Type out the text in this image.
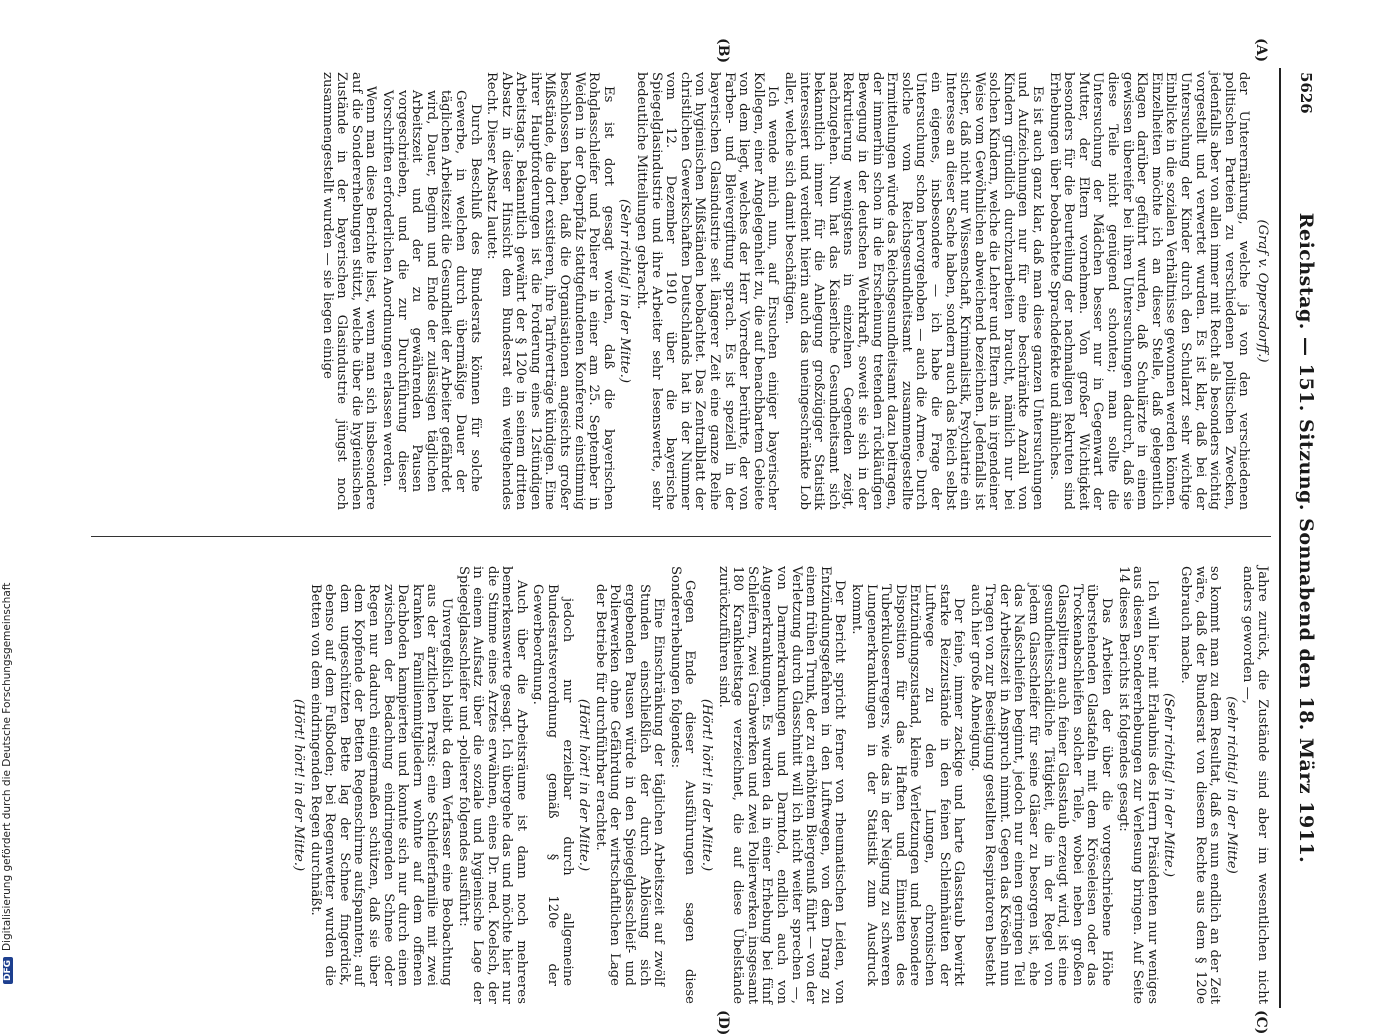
5626
Reichstag. — 151. Sitzung. Sonnabend den 18. März 1911.
(A)
(B)
(C)
(D)

(Graf v. Oppersdorff.)

der Unterernährung, welche ja von den verschiedenen politischen Parteien zu verschiedenen politischen Zwecken, jedenfalls aber von allen immer mit Recht als besonders wichtig vorgestellt und verwertet wurden. Es ist klar, daß bei der Untersuchung der Kinder durch den Schularzt sehr wichtige Einblicke in die sozialen Verhältnisse gewonnen werden können. Einzelheiten möchte ich an dieser Stelle, daß gelegentlich Klagen darüber geführt wurden, daß Schulärzte in einem gewissen übereifer bei ihren Untersuchungen dadurch, daß sie diese Teile nicht genügend schonten; man sollte die Untersuchung der Mädchen besser nur in Gegenwart der Mutter, der Eltern vornehmen. Von großer Wichtigkeit besonders für die Beurteilung der nachmaligen Rekruten sind Erhebungen über beobachtete Sprachdefekte und ähnliches.

Es ist auch ganz klar, daß man diese ganzen Untersuchungen und Aufzeichnungen nur für eine beschränkte Anzahl von Kindern gründlich durchzuarbeiten braucht, nämlich nur bei solchen Kindern, welche die Lehrer und Eltern als in irgendeiner Weise vom Gewöhnlichen abweichend bezeichnen. Jedenfalls ist sicher, daß nicht nur Wissenschaft, Kriminalistik, Psychiatrie ein Interesse an dieser Sache haben, sondern auch das Reich selbst ein eigenes, insbesondere — ich habe die Frage der Untersuchung schon hervorgehoben — auch die Armee. Durch solche vom Reichsgesundheitsamt zusammengestellte Ermittelungen würde das Reichsgesundheitsamt dazu beitragen, der immerhin schon in die Erscheinung tretenden rückläufigen Bewegung in der deutschen Wehrkraft, soweit sie sich in der Rekrutierung wenigstens in einzelnen Gegenden zeigt, nachzugehen. Nun hat das Kaiserliche Gesundheitsamt sich bekanntlich immer für die Anlegung großzügiger Statistik interessiert und verdient hierin auch das uneingeschränkte Lob aller, welche sich damit beschäftigen.

Ich wende mich nun, auf Ersuchen einiger bayerischer Kollegen, einer Angelegenheit zu, die auf benachbartem Gebiete von dem liegt, welches der Herr Vorredner berührte, der von Farben- und Bleivergiftung sprach. Es ist speziell in der bayerischen Glasindustrie seit längerer Zeit eine ganze Reihe von hygienischen Mißständen beobachtet. Das Zentralblatt der christlichen Gewerkschaften Deutschlands hat in der Nummer vom 12. Dezember 1910 über die bayerische Spiegelglasindustrie und ihre Arbeiter sehr lesenswerte, sehr bedeutliche Mitteilungen gebracht.

(Sehr richtig! in der Mitte.)

Es ist dort gesagt worden, daß die bayerischen Rohglasschleifer und Polierer in einer am 25. September in Weiden in der Oberpfalz stattgefundenen Konferenz einstimmig beschlossen haben, daß die Organisationen angesichts großer Mißstände, die dort existieren, ihre Tarifverträge kündigen. Eine ihrer Hauptforderungen ist die Forderung eines 12stündigen Arbeitstags. Bekanntlich gewährt der § 120e in seinem dritten Absatz in dieser Hinsicht dem Bundesrat ein weitgehendes Recht. Dieser Absatz lautet:

Durch Beschluß des Bundesrats können für solche Gewerbe, in welchen durch übermäßige Dauer der täglichen Arbeitszeit die Gesundheit der Arbeiter gefährdet wird, Dauer, Beginn und Ende der zulässigen täglichen Arbeitszeit und der zu gewährenden Pausen vorgeschrieben, und die zur Durchführung dieser Vorschriften erforderlichen Anordnungen erlassen werden.

Wenn man diese Berichte liest, wenn man sich insbesondere auf die Sondererhebungen stützt, welche über die hygienischen Zustände in der bayerischen Glasindustrie jüngst noch zusammengestellt wurden — sie liegen einige

Jahre zurück, die Zustände sind aber im wesentlichen nicht anders geworden —,

(sehr richtig! in der Mitte)

so kommt man zu dem Resultat, daß es nun endlich an der Zeit wäre, daß der Bundesrat von diesem Rechte aus dem § 120e Gebrauch mache.

(Sehr richtig! in der Mitte.)

Ich will hier mit Erlaubnis des Herrn Präsidenten nur weniges aus diesen Sondererhebungen zur Verlesung bringen. Auf Seite 14 dieses Berichts ist folgendes gesagt:

Das Arbeiten der über die vorgeschriebene Höhe überstehenden Glastafeln mit dem Kröseleisen oder das Trockenabschleifen solcher Teile, wobei neben großen Glassplittern auch feiner Glasstaub erzeugt wird, ist eine gesundheitsschädliche Tätigkeit, die in der Regel von jedem Glasschleifer für seine Gläser zu besorgen ist, ehe das Naßschleifen beginnt, jedoch nur einen geringen Teil der Arbeitszeit in Anspruch nimmt. Gegen das Kröseln nun Tragen von zur Beseitigung gestellten Respiratoren besteht auch hier große Abneigung.

Der feine, immer zackige und harte Glasstaub bewirkt starke Reizzustände in den feinen Schleimhäuten der Luftwege zu den Lungen, chronischen Entzündungszustand, kleine Verletzungen und besondere Disposition für das Haften und Einnisten des Tuberkuloseerregers, wie das in der Neigung zu schweren Lungenerkrankungen in der Statistik zum Ausdruck kommt.

Der Bericht spricht ferner von rheumatischen Leiden, von Entzündungsgefahren in den Luftwegen, von dem Drang zu einem frühen Trunk, der zu erhöhtem Biergenuß führt — von der Verletzung durch Glasschnitt will ich nicht weiter sprechen —, von Darmerkrankungen und Darmtod, endlich auch von Augenerkrankungen. Es wurden da in einer Erhebung bei fünf Schleifern, zwei Grabwerken und zwei Polierwerken insgesamt 180 Krankheitstage verzeichnet, die auf diese Übelstände zurückzuführen sind.

(Hört! hört! in der Mitte.)

Gegen Ende dieser Ausführungen sagen diese Sondererhebungen folgendes:

Eine Einschränkung der täglichen Arbeitszeit auf zwölf Stunden einschließlich der durch Ablösung sich ergebenden Pausen würde in den Spiegelglasschleif- und Polierwerken ohne Gefährdung der wirtschaftlichen Lage der Betriebe für durchführbar erachtet.

(Hört! hört! in der Mitte.)

jedoch nur erzielbar durch allgemeine Bundesratsverordnung gemäß § 120e der Gewerbeordnung.

Auch über die Arbeitsräume ist dann noch mehreres bemerkenswerte gesagt. Ich übergehe das und möchte hier nur die Stimme eines Arztes erwähnen, eines Dr. med. Koelsch, der in einem Aufsatz über die soziale und hygienische Lage der Spiegelglasschleifer und -polierer folgendes ausführt:

Unvergeßlich bleibt da dem Verfasser eine Beobachtung aus der ärztlichen Praxis: eine Schleiferfamilie mit zwei kranken Familienmitgliedern wohnte auf dem offenen Dachboden kampierten und konnte sich nur durch einen zwischen der Bedachung eindringenden Schnee oder Regen nur dadurch einigermaßen schützen, daß sie über dem Kopfende der Betten Regenschirme aufspannten; auf dem ungeschützten Bette lag der Schnee fingerdick, ebenso auf dem Fußboden; bei Regenwetter wurden die Betten von dem eindringenden Regen durchnäßt.

(Hört! hört! in der Mitte.)

DFGDigitalisierung gefördert durch die Deutsche Forschungsgemeinschaft
